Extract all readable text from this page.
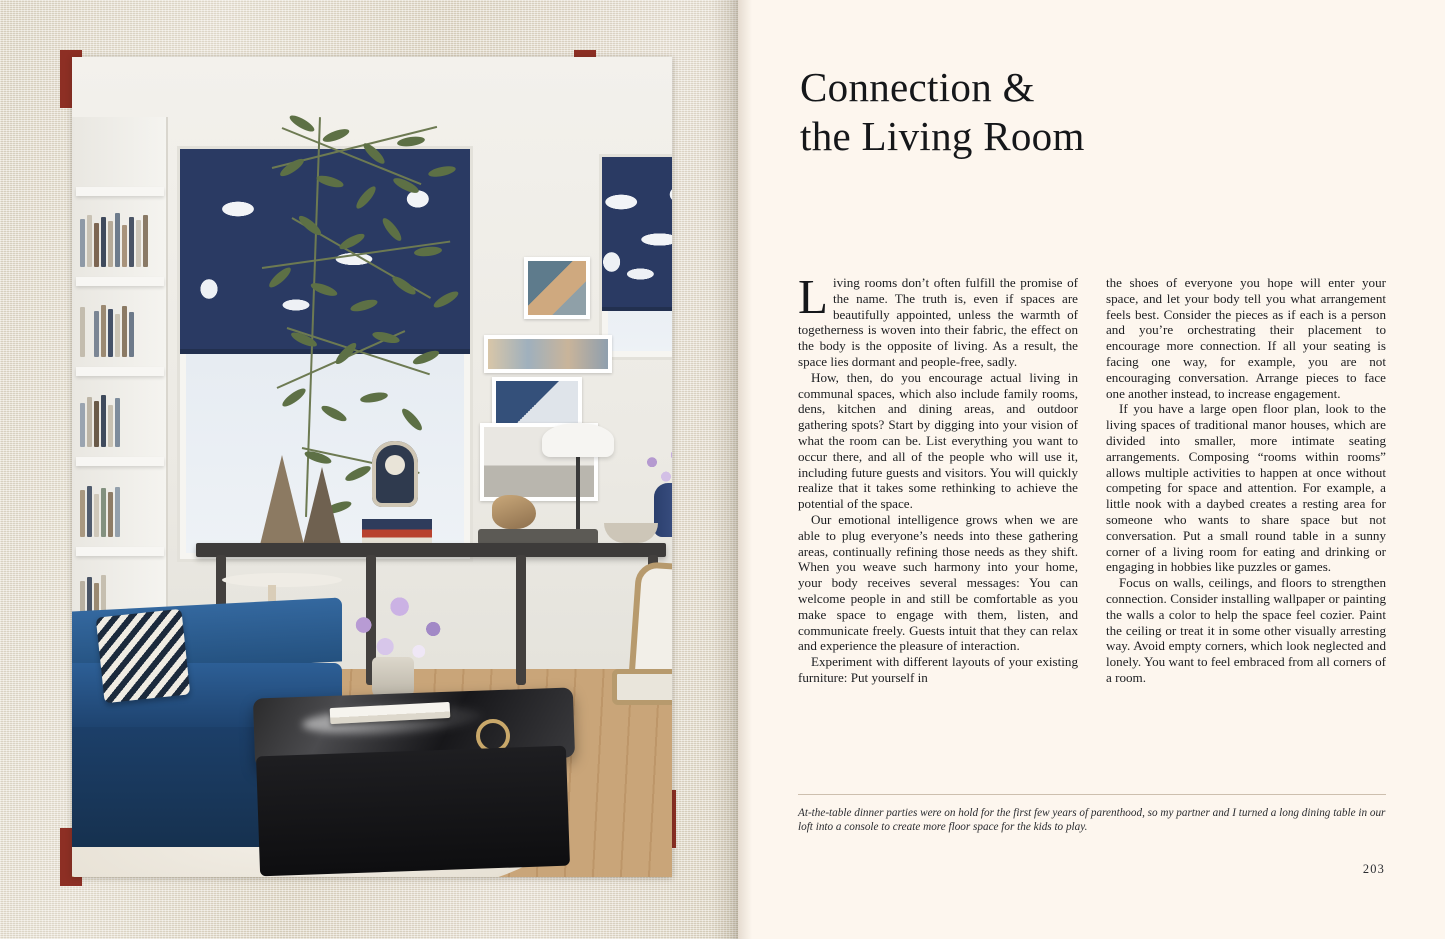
Connection &
the Living Room

Living rooms don’t often fulfill the promise of the name. The truth is, even if spaces are beautifully appointed, unless the warmth of togetherness is woven into their fabric, the effect on the body is the opposite of living. As a result, the space lies dormant and people-free, sadly.

How, then, do you encourage actual living in communal spaces, which also include family rooms, dens, kitchen and dining areas, and outdoor gathering spots? Start by digging into your vision of what the room can be. List everything you want to occur there, and all of the people who will use it, including future guests and visitors. You will quickly realize that it takes some rethinking to achieve the potential of the space.

Our emotional intelligence grows when we are able to plug everyone’s needs into these gathering areas, continually refining those needs as they shift. When you weave such harmony into your home, your body receives several messages: You can welcome people in and still be comfortable as you make space to engage with them, listen, and communicate freely. Guests intuit that they can relax and experience the pleasure of interaction.

Experiment with different layouts of your existing furniture: Put yourself in

the shoes of everyone you hope will enter your space, and let your body tell you what arrangement feels best. Consider the pieces as if each is a person and you’re orchestrating their placement to encourage more connection. If all your seating is facing one way, for example, you are not encouraging conversation. Arrange pieces to face one another instead, to increase engagement.

If you have a large open floor plan, look to the living spaces of traditional manor houses, which are divided into smaller, more intimate seating arrangements. Composing “rooms within rooms” allows multiple activities to happen at once without competing for space and attention. For example, a little nook with a daybed creates a resting area for someone who wants to share space but not conversation. Put a small round table in a sunny corner of a living room for eating and drinking or engaging in hobbies like puzzles or games.

Focus on walls, ceilings, and floors to strengthen connection. Consider installing wallpaper or painting the walls a color to help the space feel cozier. Paint the ceiling or treat it in some other visually arresting way. Avoid empty corners, which look neglected and lonely. You want to feel embraced from all corners of a room.

At-the-table dinner parties were on hold for the first few years of parenthood, so my partner and I turned a long dining table in our loft into a console to create more floor space for the kids to play.
203
